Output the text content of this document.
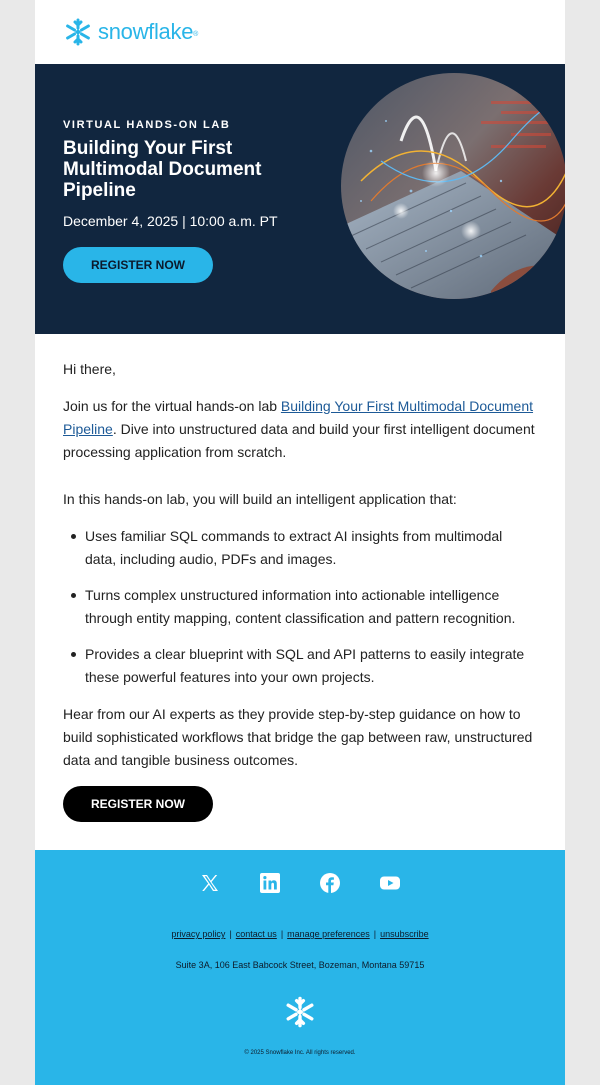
snowflake®
VIRTUAL HANDS-ON LAB
Building Your First Multimodal Document Pipeline
December 4, 2025 | 10:00 a.m. PT
REGISTER NOW

Hi there,

Join us for the virtual hands-on lab Building Your First Multimodal Document Pipeline. Dive into unstructured data and build your first intelligent document processing application from scratch.

In this hands-on lab, you will build an intelligent application that:

Uses familiar SQL commands to extract AI insights from multimodal data, including audio, PDFs and images.
Turns complex unstructured information into actionable intelligence through entity mapping, content classification and pattern recognition.
Provides a clear blueprint with SQL and API patterns to easily integrate these powerful features into your own projects.

Hear from our AI experts as they provide step-by-step guidance on how to build sophisticated workflows that bridge the gap between raw, unstructured data and tangible business outcomes.

REGISTER NOW
privacy policy | contact us | manage preferences | unsubscribe
Suite 3A, 106 East Babcock Street, Bozeman, Montana 59715
© 2025 Snowflake Inc. All rights reserved.
